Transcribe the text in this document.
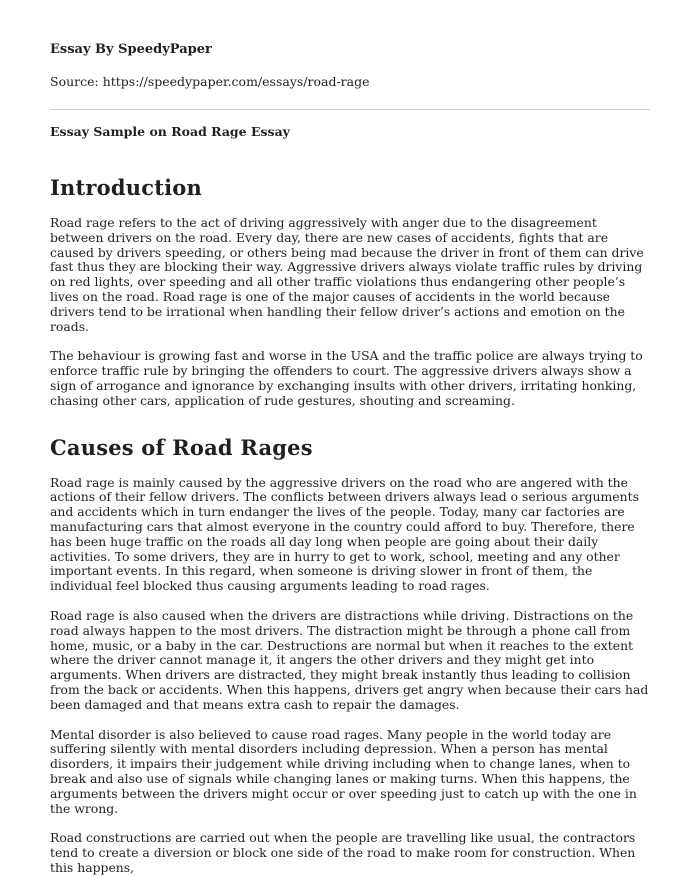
Essay By SpeedyPaper
Source: https://speedypaper.com/essays/road-rage
Essay Sample on Road Rage Essay
Introduction

Road rage refers to the act of driving aggressively with anger due to the disagreement between drivers on the road. Every day, there are new cases of accidents, fights that are caused by drivers speeding, or others being mad because the driver in front of them can drive fast thus they are blocking their way. Aggressive drivers always violate traffic rules by driving on red lights, over speeding and all other traffic violations thus endangering other people’s lives on the road. Road rage is one of the major causes of accidents in the world because drivers tend to be irrational when handling their fellow driver’s actions and emotion on the roads.

The behaviour is growing fast and worse in the USA and the traffic police are always trying to enforce traffic rule by bringing the offenders to court. The aggressive drivers always show a sign of arrogance and ignorance by exchanging insults with other drivers, irritating honking, chasing other cars, application of rude gestures, shouting and screaming.

Causes of Road Rages

Road rage is mainly caused by the aggressive drivers on the road who are angered with the actions of their fellow drivers. The conflicts between drivers always lead o serious arguments and accidents which in turn endanger the lives of the people. Today, many car factories are manufacturing cars that almost everyone in the country could afford to buy. Therefore, there has been huge traffic on the roads all day long when people are going about their daily activities. To some drivers, they are in hurry to get to work, school, meeting and any other important events. In this regard, when someone is driving slower in front of them, the individual feel blocked thus causing arguments leading to road rages.

Road rage is also caused when the drivers are distractions while driving. Distractions on the road always happen to the most drivers. The distraction might be through a phone call from home, music, or a baby in the car. Destructions are normal but when it reaches to the extent where the driver cannot manage it, it angers the other drivers and they might get into arguments. When drivers are distracted, they might break instantly thus leading to collision from the back or accidents. When this happens, drivers get angry when because their cars had been damaged and that means extra cash to repair the damages.

Mental disorder is also believed to cause road rages. Many people in the world today are suffering silently with mental disorders including depression. When a person has mental disorders, it impairs their judgement while driving including when to change lanes, when to break and also use of signals while changing lanes or making turns. When this happens, the arguments between the drivers might occur or over speeding just to catch up with the one in the wrong.

Road constructions are carried out when the people are travelling like usual, the contractors tend to create a diversion or block one side of the road to make room for construction. When this happens,
